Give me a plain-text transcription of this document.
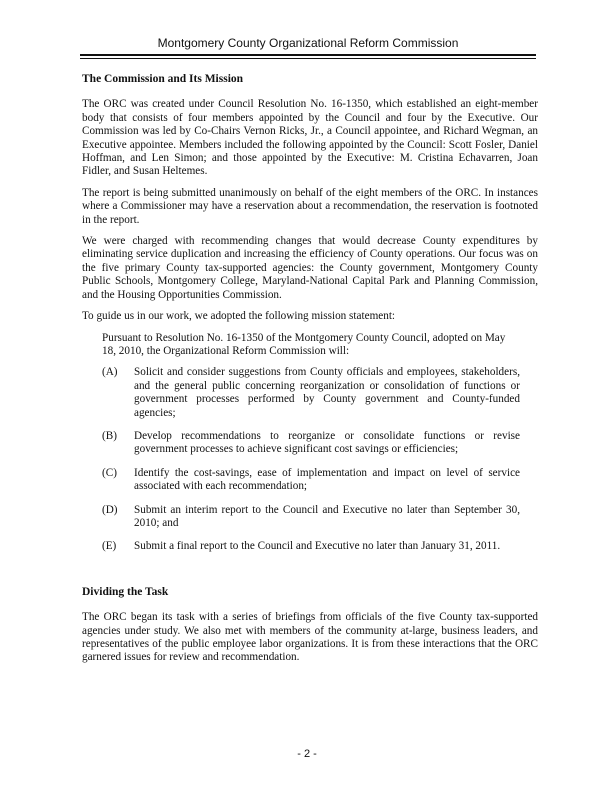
Montgomery County Organizational Reform Commission
The Commission and Its Mission

The ORC was created under Council Resolution No. 16-1350, which established an eight-member body that consists of four members appointed by the Council and four by the Executive. Our Commission was led by Co-Chairs Vernon Ricks, Jr., a Council appointee, and Richard Wegman, an Executive appointee. Members included the following appointed by the Council: Scott Fosler, Daniel Hoffman, and Len Simon; and those appointed by the Executive: M. Cristina Echavarren, Joan Fidler, and Susan Heltemes.

The report is being submitted unanimously on behalf of the eight members of the ORC. In instances where a Commissioner may have a reservation about a recommendation, the reservation is footnoted in the report.

We were charged with recommending changes that would decrease County expenditures by eliminating service duplication and increasing the efficiency of County operations. Our focus was on the five primary County tax-supported agencies: the County government, Montgomery County Public Schools, Montgomery College, Maryland-National Capital Park and Planning Commission, and the Housing Opportunities Commission.

To guide us in our work, we adopted the following mission statement:

Pursuant to Resolution No. 16-1350 of the Montgomery County Council, adopted on May 18, 2010, the Organizational Reform Commission will:

(A)	Solicit and consider suggestions from County officials and employees, stakeholders, and the general public concerning reorganization or consolidation of functions or government processes performed by County government and County-funded agencies;
(B)	Develop recommendations to reorganize or consolidate functions or revise government processes to achieve significant cost savings or efficiencies;
(C)	Identify the cost-savings, ease of implementation and impact on level of service associated with each recommendation;
(D)	Submit an interim report to the Council and Executive no later than September 30, 2010; and
(E)	Submit a final report to the Council and Executive no later than January 31, 2011.
Dividing the Task

The ORC began its task with a series of briefings from officials of the five County tax-supported agencies under study. We also met with members of the community at-large, business leaders, and representatives of the public employee labor organizations. It is from these interactions that the ORC garnered issues for review and recommendation.

- 2 -
